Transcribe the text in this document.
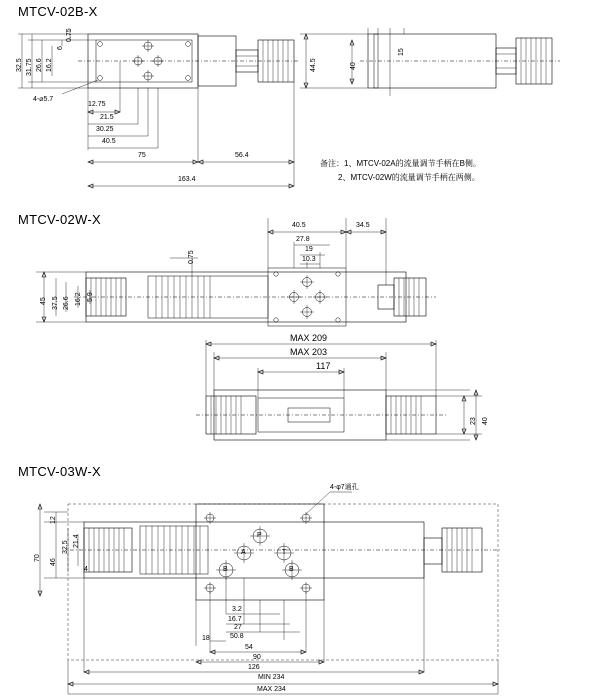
MTCV-02B-X
备注：1、MTCV-02A的流量调节手柄在B侧。
2、MTCV-02W的流量调节手柄在两侧。
32.5 31.75 26.6 16.2
6
0.75
4-⌀5.7
12.75
21.5
30.25
40.5
75	56.4
163.4
44.5
15
40
MTCV-02W-X	40.5	34.5
27.8
19
10.3
0.75
45 37.5 26.6 16.2 5.9
MAX 209
MAX 203
117
40
23
MTCV-03W-X
4-φ7通孔
P
A	T
B	B
12
21.4
32.5
46
70
4
3.2
16.7
27
50.8
18
54
90
126
MIN 234
MAX 234
